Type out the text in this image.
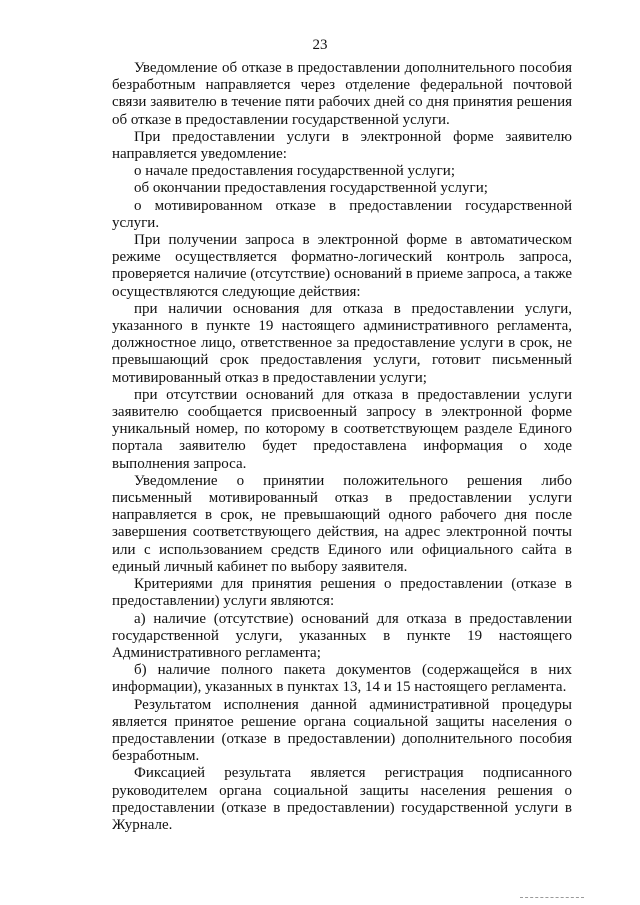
23

Уведомление об отказе в предоставлении дополнительного пособия безработным направляется через отделение федеральной почтовой связи заявителю в течение пяти рабочих дней со дня принятия решения об отказе в предоставлении государственной услуги.

При предоставлении услуги в электронной форме заявителю направляется уведомление:

о начале предоставления государственной услуги;

об окончании предоставления государственной услуги;

о мотивированном отказе в предоставлении государственной услуги.

При получении запроса в электронной форме в автоматическом режиме осуществляется форматно-логический контроль запроса, проверяется наличие (отсутствие) оснований в приеме запроса, а также осуществляются следующие действия:

при наличии основания для отказа в предоставлении услуги, указанного в пункте 19 настоящего административного регламента, должностное лицо, ответственное за предоставление услуги в срок, не превышающий срок предоставления услуги, готовит письменный мотивированный отказ в предоставлении услуги;

при отсутствии оснований для отказа в предоставлении услуги заявителю сообщается присвоенный запросу в электронной форме уникальный номер, по которому в соответствующем разделе Единого портала заявителю будет предоставлена информация о ходе выполнения запроса.

Уведомление о принятии положительного решения либо письменный мотивированный отказ в предоставлении услуги направляется в срок, не превышающий одного рабочего дня после завершения соответствующего действия, на адрес электронной почты или с использованием средств Единого или официального сайта в единый личный кабинет по выбору заявителя.

Критериями для принятия решения о предоставлении (отказе в предоставлении) услуги являются:

а) наличие (отсутствие) оснований для отказа в предоставлении государственной услуги, указанных в пункте 19 настоящего Административного регламента;

б) наличие полного пакета документов (содержащейся в них информации), указанных в пунктах 13, 14 и 15 настоящего регламента.

Результатом исполнения данной административной процедуры является принятое решение органа социальной защиты населения о предоставлении (отказе в предоставлении) дополнительного пособия безработным.

Фиксацией результата является регистрация подписанного руководителем органа социальной защиты населения решения о предоставлении (отказе в предоставлении) государственной услуги в Журнале.
